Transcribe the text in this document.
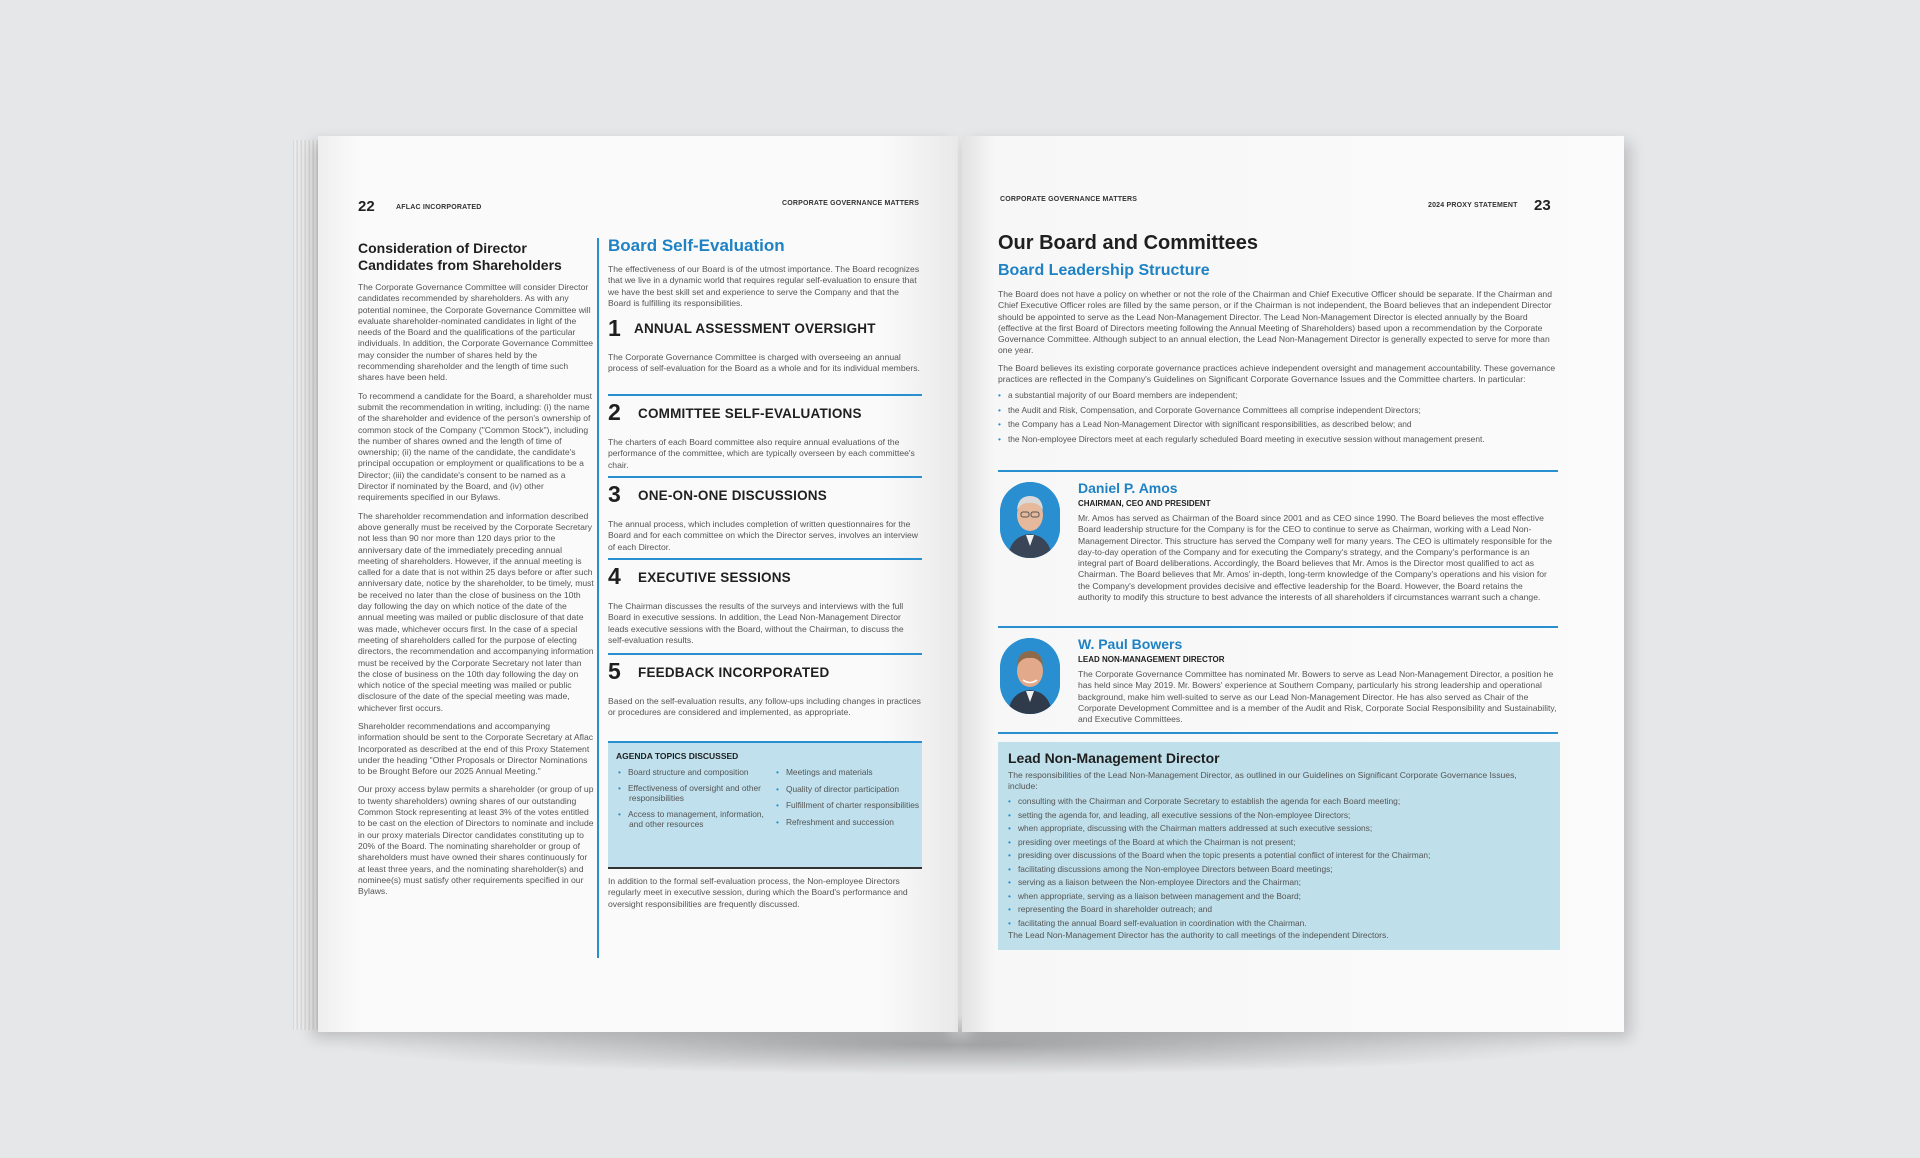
22	AFLAC INCORPORATED
CORPORATE GOVERNANCE MATTERS
Consideration of Director
Candidates from Shareholders

The Corporate Governance Committee will consider Director candidates recommended by shareholders. As with any potential nominee, the Corporate Governance Committee will evaluate shareholder-nominated candidates in light of the needs of the Board and the qualifications of the particular individuals. In addition, the Corporate Governance Committee may consider the number of shares held by the recommending shareholder and the length of time such shares have been held.

To recommend a candidate for the Board, a shareholder must submit the recommendation in writing, including: (i) the name of the shareholder and evidence of the person's ownership of common stock of the Company ("Common Stock"), including the number of shares owned and the length of time of ownership; (ii) the name of the candidate, the candidate's principal occupation or employment or qualifications to be a Director; (iii) the candidate's consent to be named as a Director if nominated by the Board, and (iv) other requirements specified in our Bylaws.

The shareholder recommendation and information described above generally must be received by the Corporate Secretary not less than 90 nor more than 120 days prior to the anniversary date of the immediately preceding annual meeting of shareholders. However, if the annual meeting is called for a date that is not within 25 days before or after such anniversary date, notice by the shareholder, to be timely, must be received no later than the close of business on the 10th day following the day on which notice of the date of the annual meeting was mailed or public disclosure of that date was made, whichever occurs first. In the case of a special meeting of shareholders called for the purpose of electing directors, the recommendation and accompanying information must be received by the Corporate Secretary not later than the close of business on the 10th day following the day on which notice of the special meeting was mailed or public disclosure of the date of the special meeting was made, whichever first occurs.

Shareholder recommendations and accompanying information should be sent to the Corporate Secretary at Aflac Incorporated as described at the end of this Proxy Statement under the heading "Other Proposals or Director Nominations to be Brought Before our 2025 Annual Meeting."

Our proxy access bylaw permits a shareholder (or group of up to twenty shareholders) owning shares of our outstanding Common Stock representing at least 3% of the votes entitled to be cast on the election of Directors to nominate and include in our proxy materials Director candidates constituting up to 20% of the Board. The nominating shareholder or group of shareholders must have owned their shares continuously for at least three years, and the nominating shareholder(s) and nominee(s) must satisfy other requirements specified in our Bylaws.

Board Self-Evaluation

The effectiveness of our Board is of the utmost importance. The Board recognizes that we live in a dynamic world that requires regular self-evaluation to ensure that we have the best skill set and experience to serve the Company and that the Board is fulfilling its responsibilities.

1 ANNUAL ASSESSMENT OVERSIGHT

The Corporate Governance Committee is charged with overseeing an annual process of self-evaluation for the Board as a whole and for its individual members.

2 COMMITTEE SELF-EVALUATIONS

The charters of each Board committee also require annual evaluations of the performance of the committee, which are typically overseen by each committee's chair.

3 ONE-ON-ONE DISCUSSIONS

The annual process, which includes completion of written questionnaires for the Board and for each committee on which the Director serves, involves an interview of each Director.

4 EXECUTIVE SESSIONS

The Chairman discusses the results of the surveys and interviews with the full Board in executive sessions. In addition, the Lead Non-Management Director leads executive sessions with the Board, without the Chairman, to discuss the self-evaluation results.

5 FEEDBACK INCORPORATED

Based on the self-evaluation results, any follow-ups including changes in practices or procedures are considered and implemented, as appropriate.

AGENDA TOPICS DISCUSSED
• Board structure and composition
• Effectiveness of oversight and other responsibilities
• Access to management, information, and other resources
• Meetings and materials
• Quality of director participation
• Fulfillment of charter responsibilities
• Refreshment and succession

In addition to the formal self-evaluation process, the Non-employee Directors regularly meet in executive session, during which the Board's performance and oversight responsibilities are frequently discussed.

CORPORATE GOVERNANCE MATTERS
2024 PROXY STATEMENT 23
Our Board and Committees
Board Leadership Structure

The Board does not have a policy on whether or not the role of the Chairman and Chief Executive Officer should be separate. If the Chairman and Chief Executive Officer roles are filled by the same person, or if the Chairman is not independent, the Board believes that an independent Director should be appointed to serve as the Lead Non-Management Director. The Lead Non-Management Director is elected annually by the Board (effective at the first Board of Directors meeting following the Annual Meeting of Shareholders) based upon a recommendation by the Corporate Governance Committee. Although subject to an annual election, the Lead Non-Management Director is generally expected to serve for more than one year.

The Board believes its existing corporate governance practices achieve independent oversight and management accountability. These governance practices are reflected in the Company's Guidelines on Significant Corporate Governance Issues and the Committee charters. In particular:

• a substantial majority of our Board members are independent;
• the Audit and Risk, Compensation, and Corporate Governance Committees all comprise independent Directors;
• the Company has a Lead Non-Management Director with significant responsibilities, as described below; and
• the Non-employee Directors meet at each regularly scheduled Board meeting in executive session without management present.
Daniel P. Amos
CHAIRMAN, CEO AND PRESIDENT

Mr. Amos has served as Chairman of the Board since 2001 and as CEO since 1990. The Board believes the most effective Board leadership structure for the Company is for the CEO to continue to serve as Chairman, working with a Lead Non-Management Director. This structure has served the Company well for many years. The CEO is ultimately responsible for the day-to-day operation of the Company and for executing the Company's strategy, and the Company's performance is an integral part of Board deliberations. Accordingly, the Board believes that Mr. Amos is the Director most qualified to act as Chairman. The Board believes that Mr. Amos' in-depth, long-term knowledge of the Company's operations and his vision for the Company's development provides decisive and effective leadership for the Board. However, the Board retains the authority to modify this structure to best advance the interests of all shareholders if circumstances warrant such a change.

W. Paul Bowers
LEAD NON-MANAGEMENT DIRECTOR

The Corporate Governance Committee has nominated Mr. Bowers to serve as Lead Non-Management Director, a position he has held since May 2019. Mr. Bowers' experience at Southern Company, particularly his strong leadership and operational background, make him well-suited to serve as our Lead Non-Management Director. He has also served as Chair of the Corporate Development Committee and is a member of the Audit and Risk, Corporate Social Responsibility and Sustainability, and Executive Committees.

Lead Non-Management Director

The responsibilities of the Lead Non-Management Director, as outlined in our Guidelines on Significant Corporate Governance Issues, include:

• consulting with the Chairman and Corporate Secretary to establish the agenda for each Board meeting;
• setting the agenda for, and leading, all executive sessions of the Non-employee Directors;
• when appropriate, discussing with the Chairman matters addressed at such executive sessions;
• presiding over meetings of the Board at which the Chairman is not present;
• presiding over discussions of the Board when the topic presents a potential conflict of interest for the Chairman;
• facilitating discussions among the Non-employee Directors between Board meetings;
• serving as a liaison between the Non-employee Directors and the Chairman;
• when appropriate, serving as a liaison between management and the Board;
• representing the Board in shareholder outreach; and
• facilitating the annual Board self-evaluation in coordination with the Chairman.

The Lead Non-Management Director has the authority to call meetings of the independent Directors.
